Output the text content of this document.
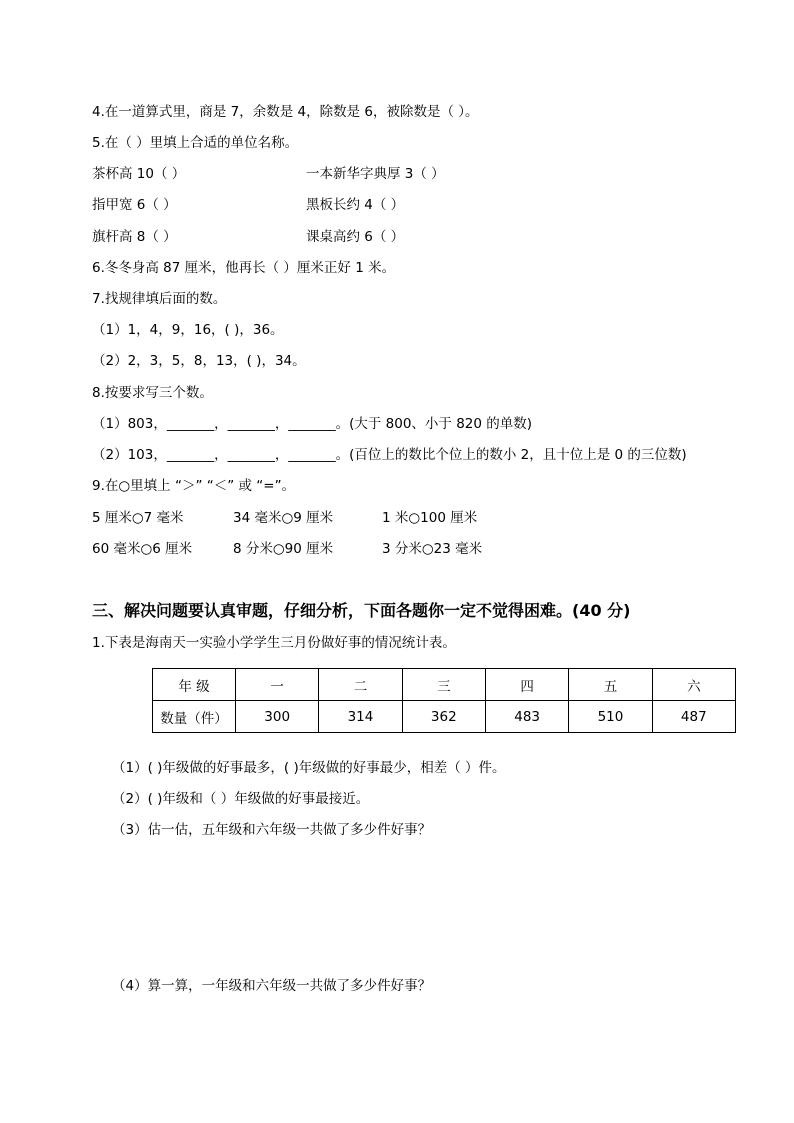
4.在一道算式里，商是 7，余数是 4，除数是 6，被除数是（ ）。
5.在（ ）里填上合适的单位名称。
茶杯高 10（ ）	一本新华字典厚 3（ ）
指甲宽 6（ ）	黑板长约 4（ ）
旗杆高 8（ ）	课桌高约 6（ ）
6.冬冬身高 87 厘米，他再长（ ）厘米正好 1 米。
7.找规律填后面的数。
（1）1，4，9，16，( )，36。
（2）2，3，5，8，13，( )，34。
8.按要求写三个数。
（1）803，_______，_______，_______。(大于 800、小于 820 的单数)
（2）103，_______，_______，_______。(百位上的数比个位上的数小 2，且十位上是 0 的三位数)
9.在○里填上 “＞” “＜” 或 “=”。
5 厘米○7 毫米	34 毫米○9 厘米	1 米○100 厘米
60 毫米○6 厘米	8 分米○90 厘米	3 分米○23 毫米
三、解决问题要认真审题，仔细分析，下面各题你一定不觉得困难。(40 分)
1.下表是海南天一实验小学学生三月份做好事的情况统计表。
年 级	一	二	三	四	五	六
数量（件）	300	314	362	483	510	487
（1）( )年级做的好事最多，( )年级做的好事最少，相差（ ）件。
（2）( )年级和（ ）年级做的好事最接近。
（3）估一估，五年级和六年级一共做了多少件好事？
（4）算一算，一年级和六年级一共做了多少件好事？
